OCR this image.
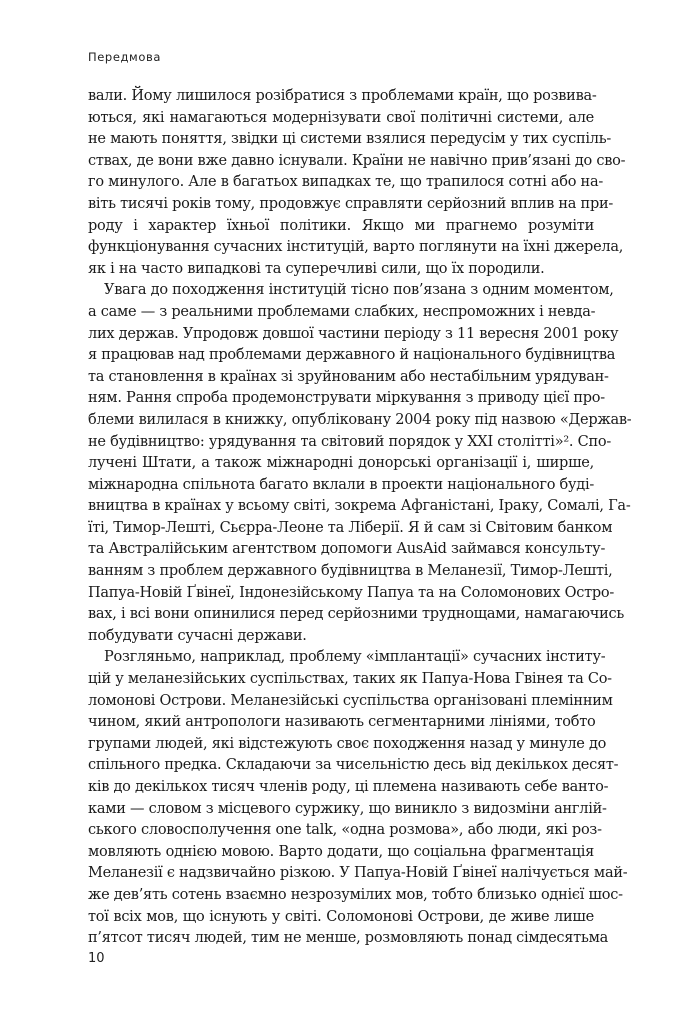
Передмова
вали. Йому лишилося розібратися з проблемами країн, що розвива-
ються, які намагаються модернізувати свої політичні системи, але
не мають поняття, звідки ці системи взялися передусім у тих суспіль-
ствах, де вони вже давно існували. Країни не навічно прив’язані до сво-
го минулого. Але в багатьох випадках те, що трапилося сотні або на-
віть тисячі років тому, продовжує справляти серйозний вплив на при-
роду і характер їхньої політики. Якщо ми прагнемо розуміти
функціонування сучасних інституцій, варто поглянути на їхні джерела,
як і на часто випадкові та суперечливі сили, що їх породили.
Увага до походження інституцій тісно пов’язана з одним моментом,
а саме — з реальними проблемами слабких, неспроможних і невда-
лих держав. Упродовж довшої частини періоду з 11 вересня 2001 року
я працював над проблемами державного й національного будівництва
та становлення в країнах зі зруйнованим або нестабільним урядуван-
ням. Рання спроба продемонструвати міркування з приводу цієї про-
блеми вилилася в книжку, опубліковану 2004 року під назвою «Держав-
не будівництво: урядування та світовий порядок у XXI столітті»². Спо-
лучені Штати, а також міжнародні донорські організації і, ширше,
міжнародна спільнота багато вклали в проекти національного буді-
вництва в країнах у всьому світі, зокрема Афганістані, Іраку, Сомалі, Га-
їті, Тимор-Лешті, Сьєрра-Леоне та Ліберії. Я й сам зі Світовим банком
та Австралійським агентством допомоги AusAid займався консульту-
ванням з проблем державного будівництва в Меланезії, Тимор-Лешті,
Папуа-Новій Ґвінеї, Індонезійському Папуа та на Соломонових Остро-
вах, і всі вони опинилися перед серйозними труднощами, намагаючись
побудувати сучасні держави.
Розгляньмо, наприклад, проблему «імплантації» сучасних інститу-
цій у меланезійських суспільствах, таких як Папуа-Нова Гвінея та Со-
ломонові Острови. Меланезійські суспільства організовані племінним
чином, який антропологи називають сегментарними лініями, тобто
групами людей, які відстежують своє походження назад у минуле до
спільного предка. Складаючи за чисельністю десь від декількох десят-
ків до декількох тисяч членів роду, ці племена називають себе ванто-
ками — словом з місцевого суржику, що виникло з видозміни англій-
ського словосполучення one talk, «одна розмова», або люди, які роз-
мовляють однією мовою. Варто додати, що соціальна фрагментація
Меланезії є надзвичайно різкою. У Папуа-Новій Ґвінеї налічується май-
же дев’ять сотень взаємно незрозумілих мов, тобто близько однієї шос-
тої всіх мов, що існують у світі. Соломонові Острови, де живе лише
п’ятсот тисяч людей, тим не менше, розмовляють понад сімдесятьма
10
